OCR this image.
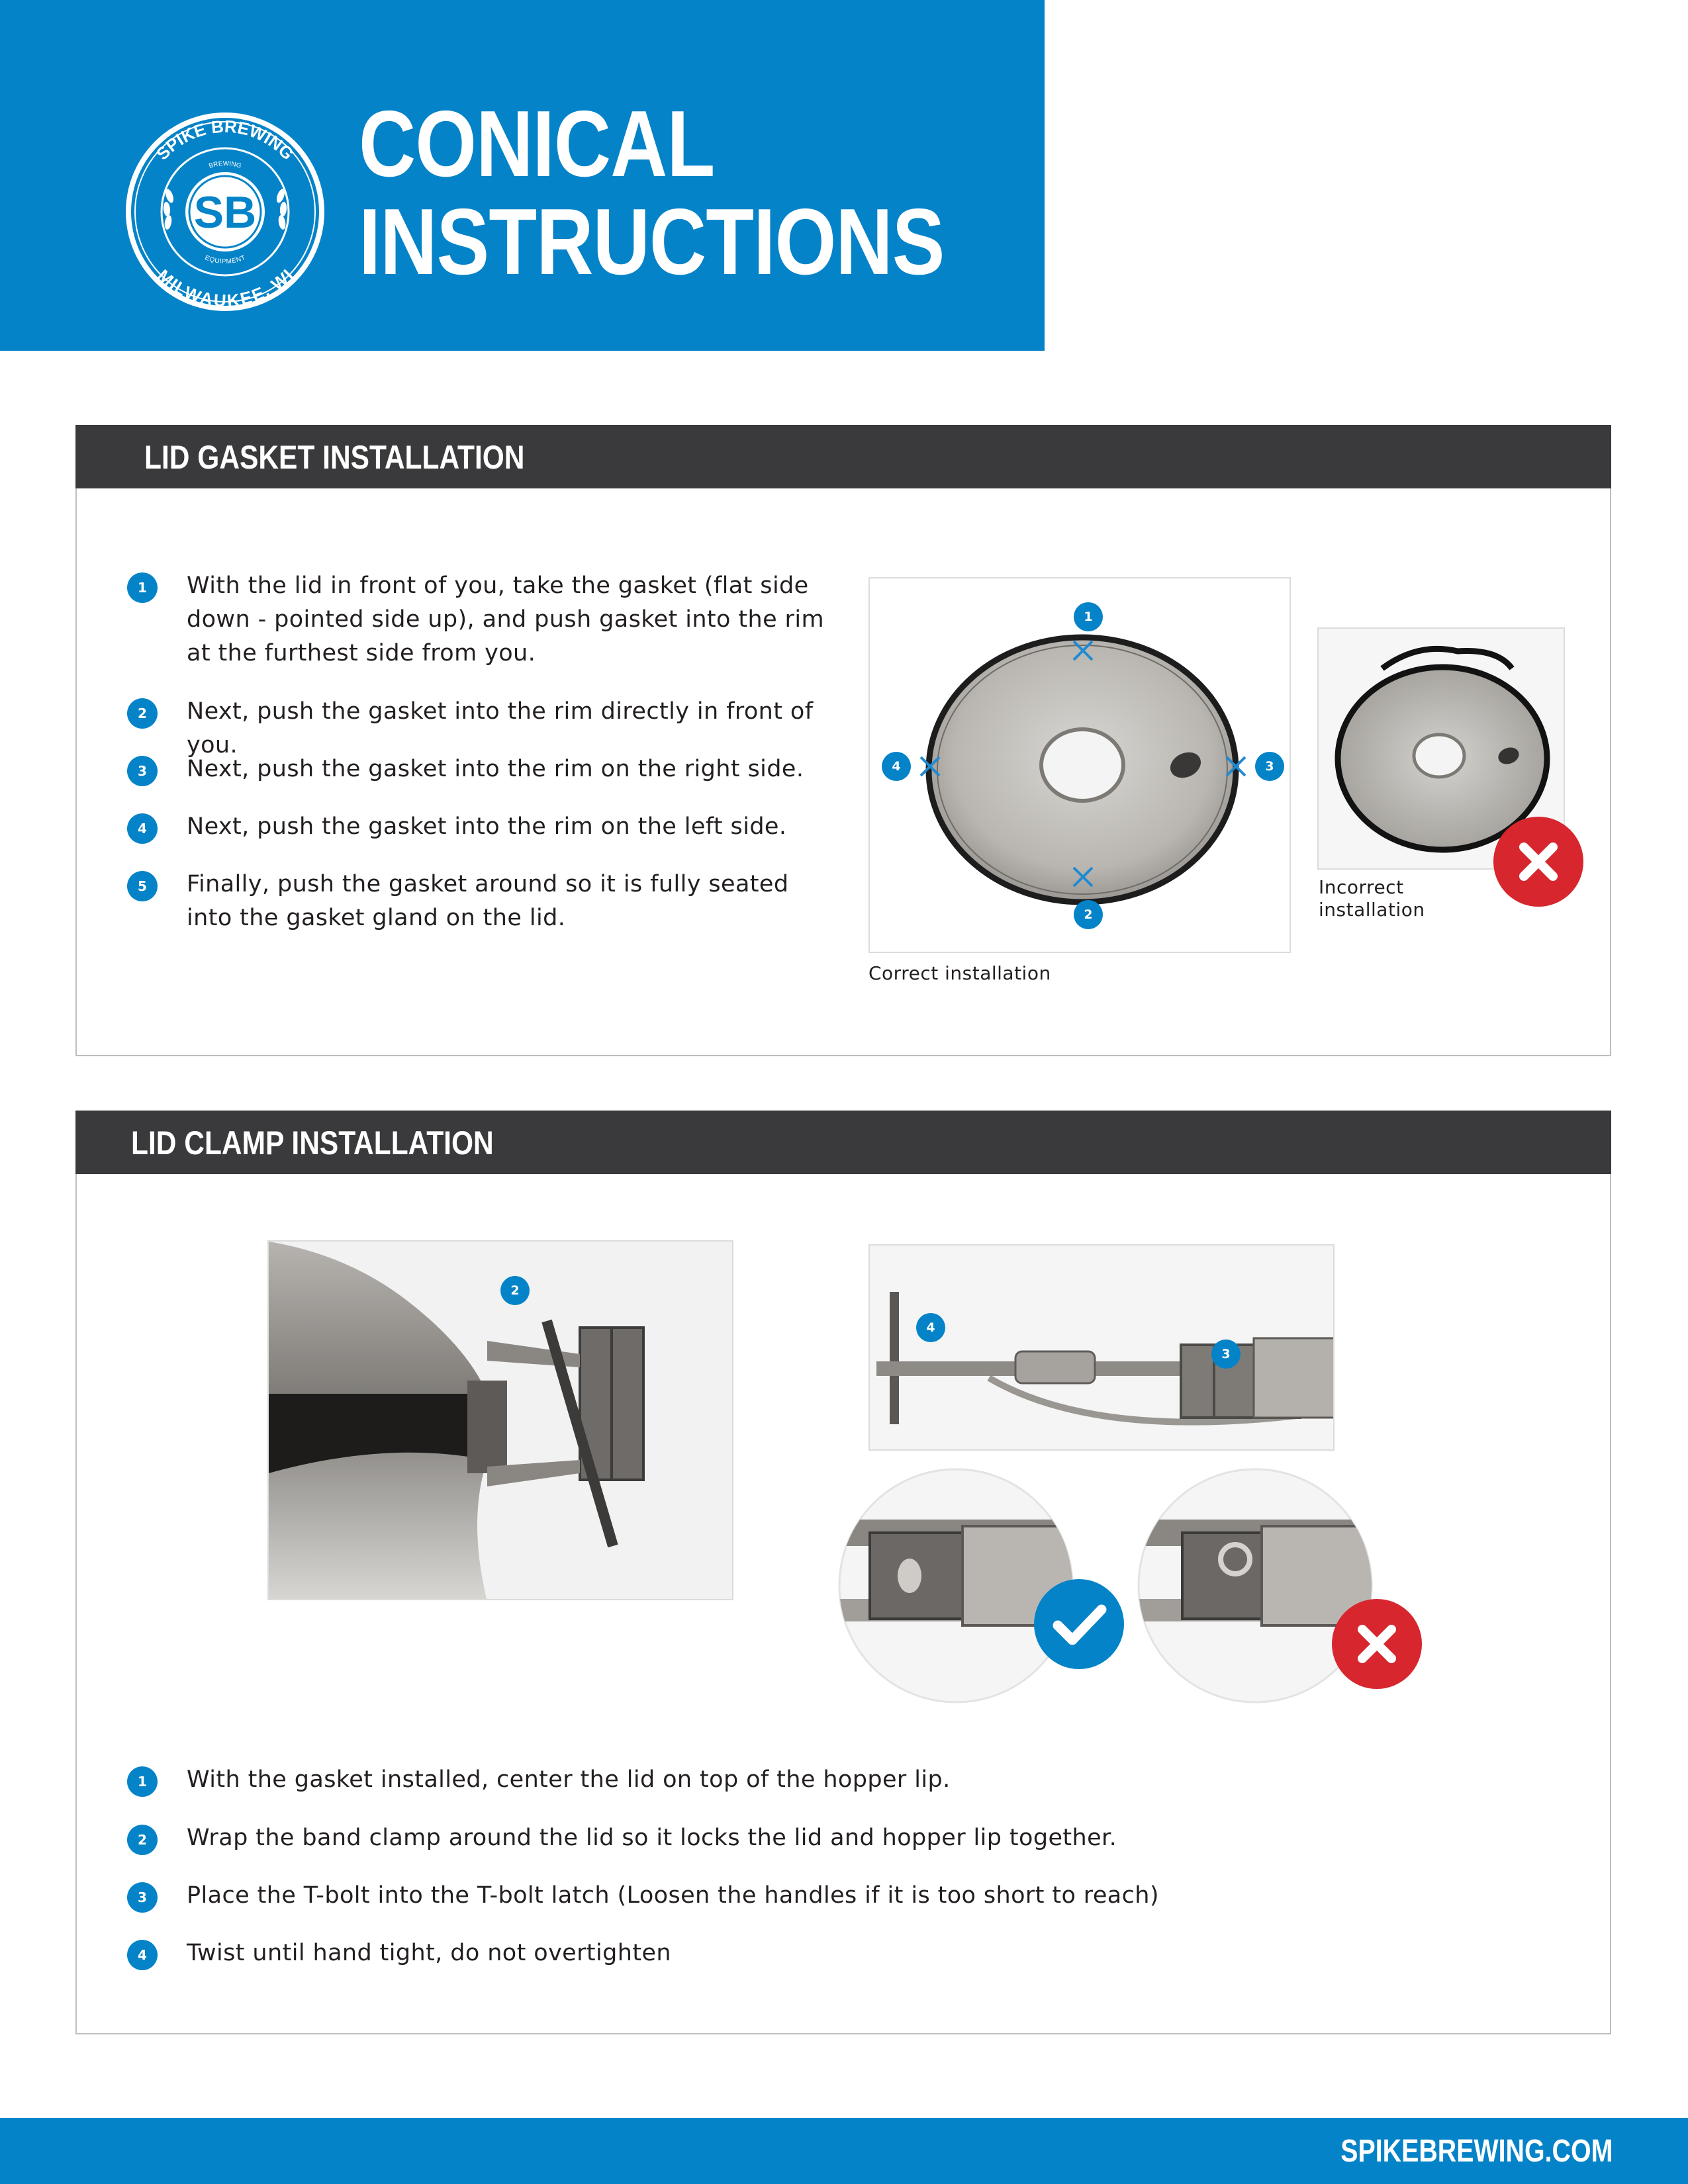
SPIKE BREWING
MILWAUKEE, WI
BREWING
EQUIPMENT
SB
CONICAL
INSTRUCTIONS
LID GASKET INSTALLATION
1	With the lid in front of you, take the gasket (flat side down - pointed side up), and push gasket into the rim at the furthest side from you.
2	Next, push the gasket into the rim directly in front of you.
3	Next, push the gasket into the rim on the right side.
4	Next, push the gasket into the rim on the left side.
5	Finally, push the gasket around so it is fully seated into the gasket gland on the lid.
1
2
3
4
Correct installation
Incorrect installation
LID CLAMP INSTALLATION
2
4
3
1	With the gasket installed, center the lid on top of the hopper lip.
2	Wrap the band clamp around the lid so it locks the lid and hopper lip together.
3	Place the T-bolt into the T-bolt latch (Loosen the handles if it is too short to reach)
4	Twist until hand tight, do not overtighten

SPIKEBREWING.COM
